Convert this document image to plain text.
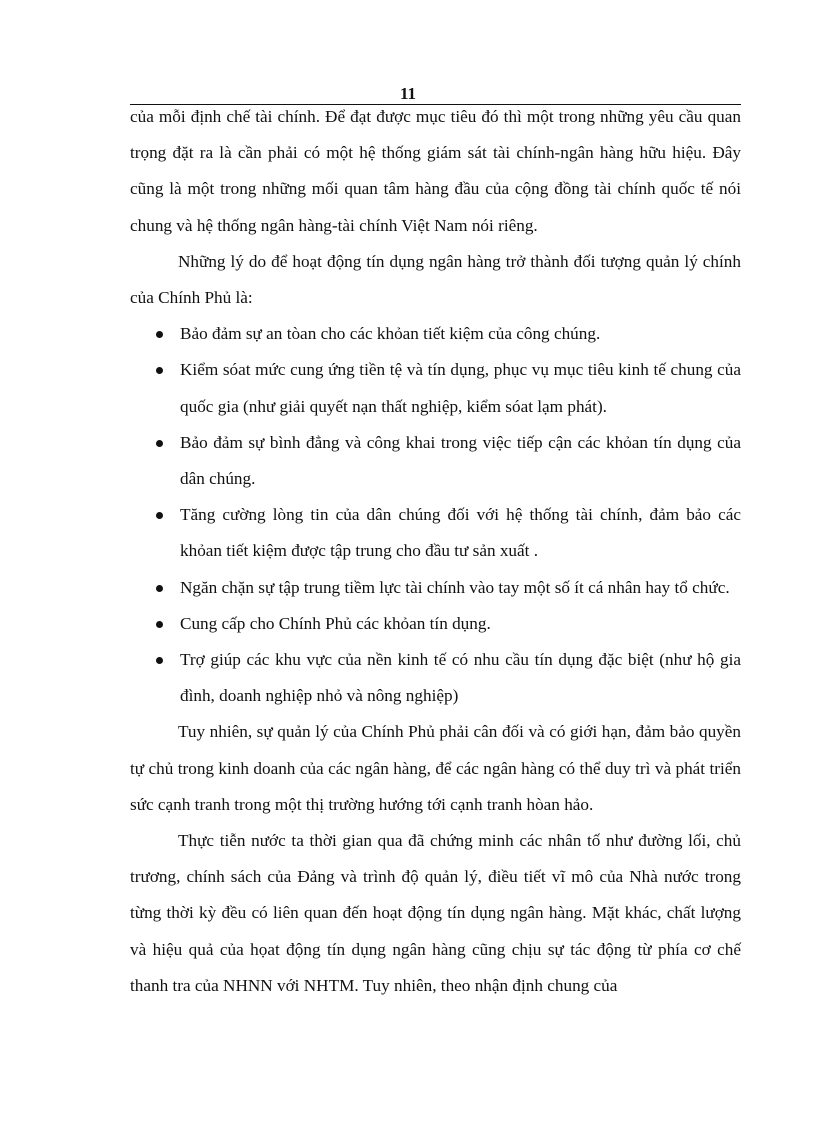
11

của mỗi định chế tài chính. Để đạt được mục tiêu đó thì một trong những yêu cầu quan trọng đặt ra là cần phải có một hệ thống giám sát tài chính-ngân hàng hữu hiệu. Đây cũng là một trong những mối quan tâm hàng đầu của cộng đồng tài chính quốc tế nói chung và hệ thống ngân hàng-tài chính Việt Nam nói riêng.

Những lý do để hoạt động tín dụng ngân hàng trở thành đối tượng quản lý chính của Chính Phủ là:

Bảo đảm sự an tòan cho các khỏan tiết kiệm của công chúng.
Kiểm sóat mức cung ứng tiền tệ và tín dụng, phục vụ mục tiêu kinh tế chung của quốc gia (như giải quyết nạn thất nghiệp, kiểm sóat lạm phát).
Bảo đảm sự bình đẳng và công khai trong việc tiếp cận các khỏan tín dụng của dân chúng.
Tăng cường lòng tin của dân chúng đối với hệ thống tài chính, đảm bảo các khỏan tiết kiệm được tập trung cho đầu tư sản xuất .
Ngăn chặn sự tập trung tiềm lực tài chính vào tay một số ít cá nhân hay tổ chức.
Cung cấp cho Chính Phủ các khỏan tín dụng.
Trợ giúp các khu vực của nền kinh tế có nhu cầu tín dụng đặc biệt (như hộ gia đình, doanh nghiệp nhỏ và nông nghiệp)

Tuy nhiên, sự quản lý của Chính Phủ phải cân đối và có giới hạn, đảm bảo quyền tự chủ trong kinh doanh của các ngân hàng, để các ngân hàng có thể duy trì và phát triển sức cạnh tranh trong một thị trường hướng tới cạnh tranh hòan hảo.

Thực tiễn nước ta thời gian qua đã chứng minh các nhân tố như đường lối, chủ trương, chính sách của Đảng và trình độ quản lý, điều tiết vĩ mô của Nhà nước trong từng thời kỳ đều có liên quan đến hoạt động tín dụng ngân hàng. Mặt khác, chất lượng và hiệu quả của họat động tín dụng ngân hàng cũng chịu sự tác động từ phía cơ chế thanh tra của NHNN với NHTM. Tuy nhiên, theo nhận định chung của
